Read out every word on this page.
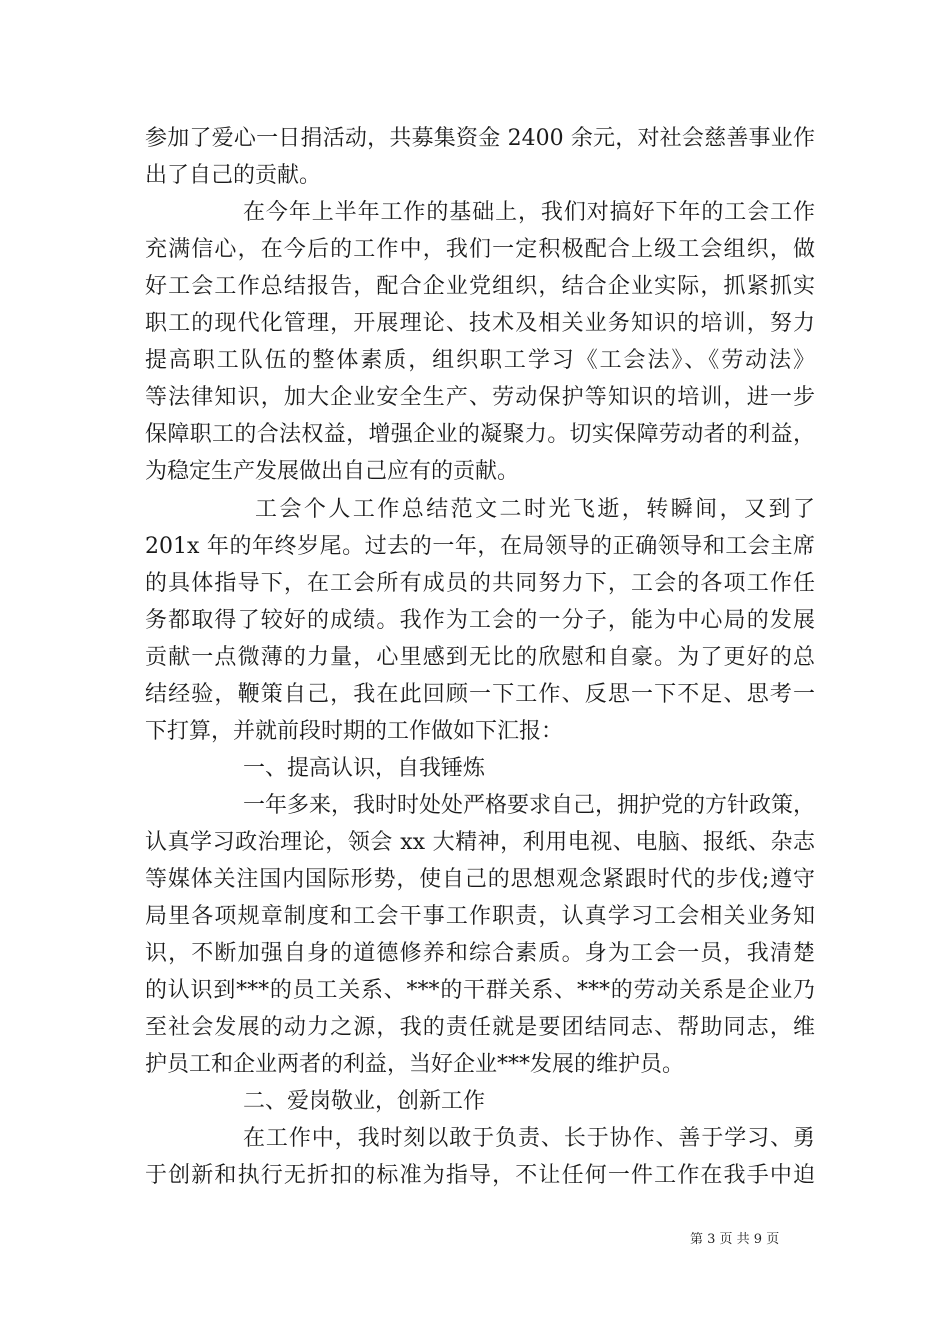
参加了爱心一日捐活动，共募集资金 2400 余元，对社会慈善事业作
出了自己的贡献。
在今年上半年工作的基础上，我们对搞好下年的工会工作
充满信心，在今后的工作中，我们一定积极配合上级工会组织，做
好工会工作总结报告，配合企业党组织，结合企业实际，抓紧抓实
职工的现代化管理，开展理论、技术及相关业务知识的培训，努力
提高职工队伍的整体素质，组织职工学习《工会法》、《劳动法》
等法律知识，加大企业安全生产、劳动保护等知识的培训，进一步
保障职工的合法权益，增强企业的凝聚力。切实保障劳动者的利益，
为稳定生产发展做出自己应有的贡献。
工会个人工作总结范文二时光飞逝，转瞬间，又到了
201x 年的年终岁尾。过去的一年，在局领导的正确领导和工会主席
的具体指导下，在工会所有成员的共同努力下，工会的各项工作任
务都取得了较好的成绩。我作为工会的一分子，能为中心局的发展
贡献一点微薄的力量，心里感到无比的欣慰和自豪。为了更好的总
结经验，鞭策自己，我在此回顾一下工作、反思一下不足、思考一
下打算，并就前段时期的工作做如下汇报：
一、提高认识，自我锤炼
一年多来，我时时处处严格要求自己，拥护党的方针政策，
认真学习政治理论，领会 xx 大精神，利用电视、电脑、报纸、杂志
等媒体关注国内国际形势，使自己的思想观念紧跟时代的步伐;遵守
局里各项规章制度和工会干事工作职责，认真学习工会相关业务知
识，不断加强自身的道德修养和综合素质。身为工会一员，我清楚
的认识到***的员工关系、***的干群关系、***的劳动关系是企业乃
至社会发展的动力之源，我的责任就是要团结同志、帮助同志，维
护员工和企业两者的利益，当好企业***发展的维护员。
二、爱岗敬业，创新工作
在工作中，我时刻以敢于负责、长于协作、善于学习、勇
于创新和执行无折扣的标准为指导，不让任何一件工作在我手中迫
第 3 页 共 9 页
